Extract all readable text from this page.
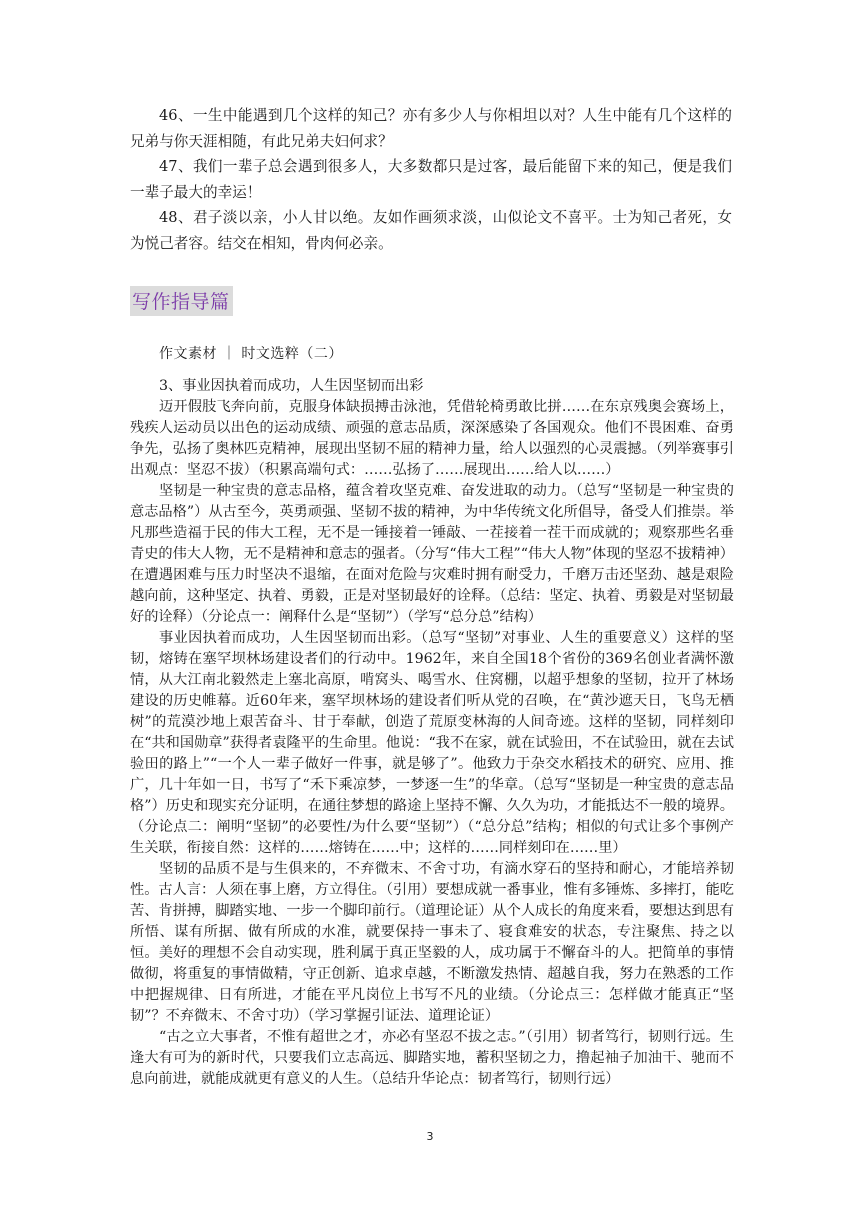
46、一生中能遇到几个这样的知己？亦有多少人与你相坦以对？人生中能有几个这样的兄弟与你天涯相随，有此兄弟夫妇何求？

47、我们一辈子总会遇到很多人，大多数都只是过客，最后能留下来的知己，便是我们一辈子最大的幸运！

48、君子淡以亲，小人甘以绝。友如作画须求淡，山似论文不喜平。士为知己者死，女为悦己者容。结交在相知，骨肉何必亲。

写作指导篇
作文素材 ｜ 时文选粹（二）

3、事业因执着而成功，人生因坚韧而出彩

迈开假肢飞奔向前，克服身体缺损搏击泳池，凭借轮椅勇敢比拼……在东京残奥会赛场上，残疾人运动员以出色的运动成绩、顽强的意志品质，深深感染了各国观众。他们不畏困难、奋勇争先，弘扬了奥林匹克精神，展现出坚韧不屈的精神力量，给人以强烈的心灵震撼。（列举赛事引出观点：坚忍不拔）（积累高端句式：……弘扬了……展现出……给人以……）

坚韧是一种宝贵的意志品格，蕴含着攻坚克难、奋发进取的动力。（总写“坚韧是一种宝贵的意志品格”）从古至今，英勇顽强、坚韧不拔的精神，为中华传统文化所倡导，备受人们推崇。举凡那些造福于民的伟大工程，无不是一锤接着一锤敲、一茬接着一茬干而成就的；观察那些名垂青史的伟大人物，无不是精神和意志的强者。（分写“伟大工程”“伟大人物”体现的坚忍不拔精神）在遭遇困难与压力时坚决不退缩，在面对危险与灾难时拥有耐受力，千磨万击还坚劲、越是艰险越向前，这种坚定、执着、勇毅，正是对坚韧最好的诠释。（总结：坚定、执着、勇毅是对坚韧最好的诠释）（分论点一：阐释什么是“坚韧”）（学写“总分总”结构）

事业因执着而成功，人生因坚韧而出彩。（总写“坚韧”对事业、人生的重要意义）这样的坚韧，熔铸在塞罕坝林场建设者们的行动中。1962年，来自全国18个省份的369名创业者满怀激情，从大江南北毅然走上塞北高原，啃窝头、喝雪水、住窝棚，以超乎想象的坚韧，拉开了林场建设的历史帷幕。近60年来，塞罕坝林场的建设者们听从党的召唤，在“黄沙遮天日，飞鸟无栖树”的荒漠沙地上艰苦奋斗、甘于奉献，创造了荒原变林海的人间奇迹。这样的坚韧，同样刻印在“共和国勋章”获得者袁隆平的生命里。他说：“我不在家，就在试验田，不在试验田，就在去试验田的路上”“一个人一辈子做好一件事，就是够了”。他致力于杂交水稻技术的研究、应用、推广，几十年如一日，书写了“禾下乘凉梦，一梦逐一生”的华章。（总写“坚韧是一种宝贵的意志品格”）历史和现实充分证明，在通往梦想的路途上坚持不懈、久久为功，才能抵达不一般的境界。（分论点二：阐明“坚韧”的必要性/为什么要“坚韧”）（“总分总”结构；相似的句式让多个事例产生关联，衔接自然：这样的……熔铸在……中；这样的……同样刻印在……里）

坚韧的品质不是与生俱来的，不弃微末、不舍寸功，有滴水穿石的坚持和耐心，才能培养韧性。古人言：人须在事上磨，方立得住。（引用）要想成就一番事业，惟有多锤炼、多摔打，能吃苦、肯拼搏，脚踏实地、一步一个脚印前行。（道理论证）从个人成长的角度来看，要想达到思有所悟、谋有所据、做有所成的水准，就要保持一事未了、寝食难安的状态，专注聚焦、持之以恒。美好的理想不会自动实现，胜利属于真正坚毅的人，成功属于不懈奋斗的人。把简单的事情做彻，将重复的事情做精，守正创新、追求卓越，不断激发热情、超越自我，努力在熟悉的工作中把握规律、日有所进，才能在平凡岗位上书写不凡的业绩。（分论点三：怎样做才能真正“坚韧”？不弃微末、不舍寸功）（学习掌握引证法、道理论证）

“古之立大事者，不惟有超世之才，亦必有坚忍不拔之志。”（引用）韧者笃行，韧则行远。生逢大有可为的新时代，只要我们立志高远、脚踏实地，蓄积坚韧之力，撸起袖子加油干、驰而不息向前进，就能成就更有意义的人生。（总结升华论点：韧者笃行，韧则行远）

3
